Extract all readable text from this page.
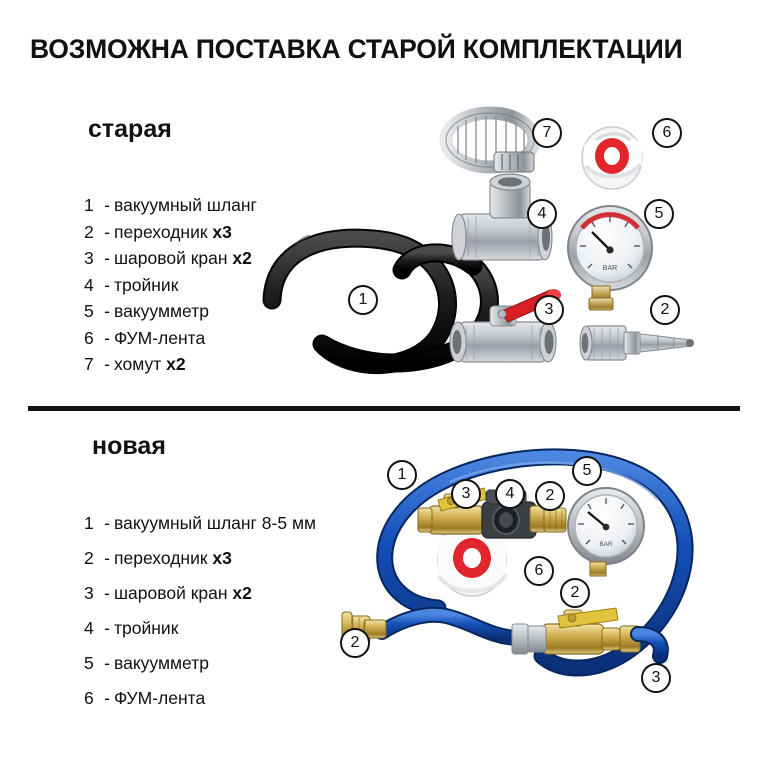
ВОЗМОЖНА ПОСТАВКА СТАРОЙ КОМПЛЕКТАЦИИ
старая
1 - вакуумный шланг
2 - переходник x3
3 - шаровой кран x2
4 - тройник
5 - вакуумметр
6 - ФУМ-лента
7 - хомут x2
BAR
7	6
4	5
1
3	2
новая
1 - вакуумный шланг 8-5 мм
2 - переходник x3
3 - шаровой кран x2
4 - тройник
5 - вакуумметр
6 - ФУМ-лента
BAR
1
3	4	2
5
6
2
2
3
